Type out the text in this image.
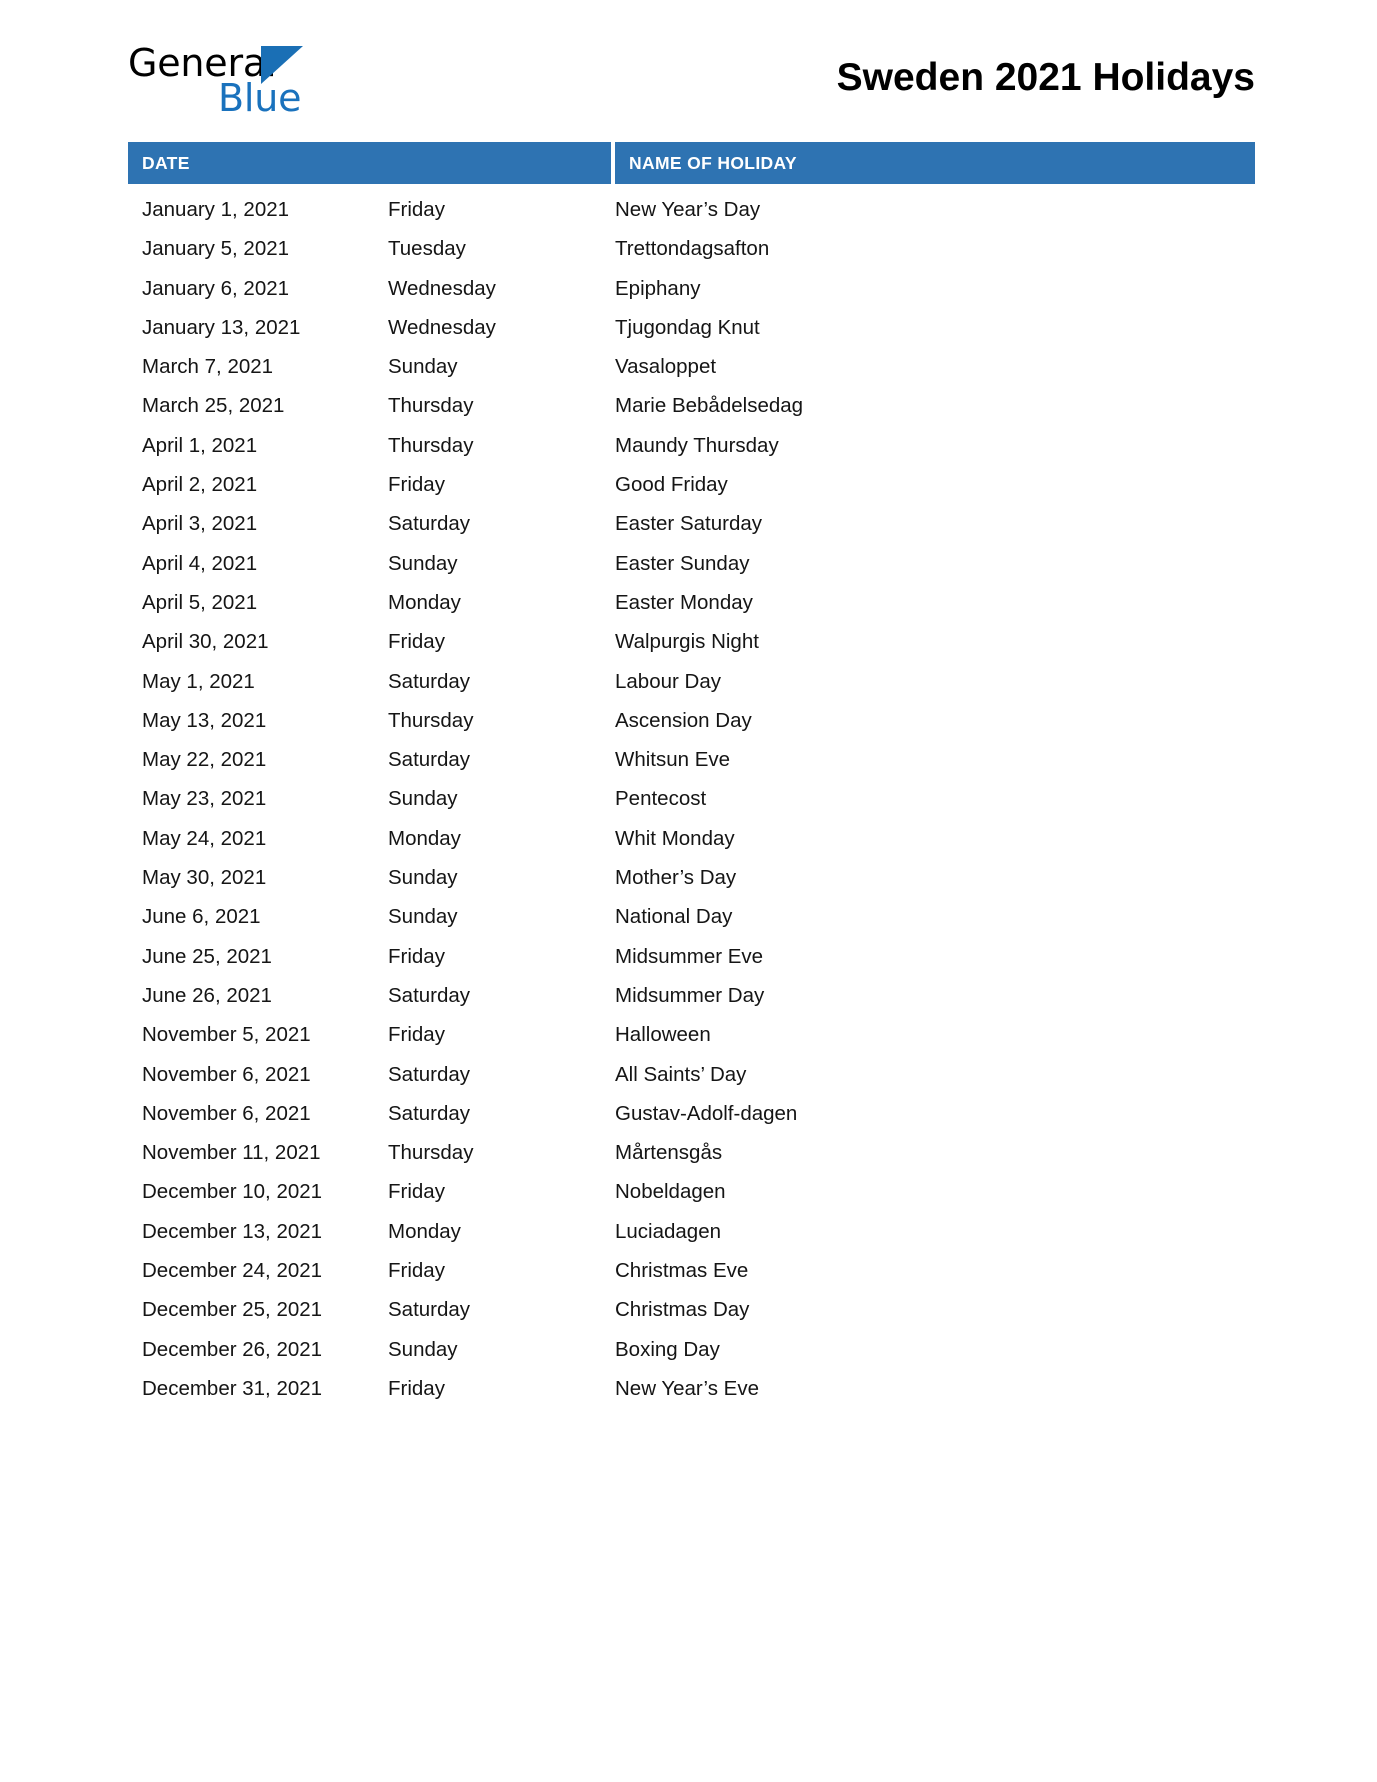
General
Blue	Sweden 2021 Holidays
DATE	NAME OF HOLIDAY
January 1, 2021	Friday	New Year’s Day
January 5, 2021	Tuesday	Trettondagsafton
January 6, 2021	Wednesday	Epiphany
January 13, 2021	Wednesday	Tjugondag Knut
March 7, 2021	Sunday	Vasaloppet
March 25, 2021	Thursday	Marie Bebådelsedag
April 1, 2021	Thursday	Maundy Thursday
April 2, 2021	Friday	Good Friday
April 3, 2021	Saturday	Easter Saturday
April 4, 2021	Sunday	Easter Sunday
April 5, 2021	Monday	Easter Monday
April 30, 2021	Friday	Walpurgis Night
May 1, 2021	Saturday	Labour Day
May 13, 2021	Thursday	Ascension Day
May 22, 2021	Saturday	Whitsun Eve
May 23, 2021	Sunday	Pentecost
May 24, 2021	Monday	Whit Monday
May 30, 2021	Sunday	Mother’s Day
June 6, 2021	Sunday	National Day
June 25, 2021	Friday	Midsummer Eve
June 26, 2021	Saturday	Midsummer Day
November 5, 2021	Friday	Halloween
November 6, 2021	Saturday	All Saints’ Day
November 6, 2021	Saturday	Gustav-Adolf-dagen
November 11, 2021	Thursday	Mårtensgås
December 10, 2021	Friday	Nobeldagen
December 13, 2021	Monday	Luciadagen
December 24, 2021	Friday	Christmas Eve
December 25, 2021	Saturday	Christmas Day
December 26, 2021	Sunday	Boxing Day
December 31, 2021	Friday	New Year’s Eve
